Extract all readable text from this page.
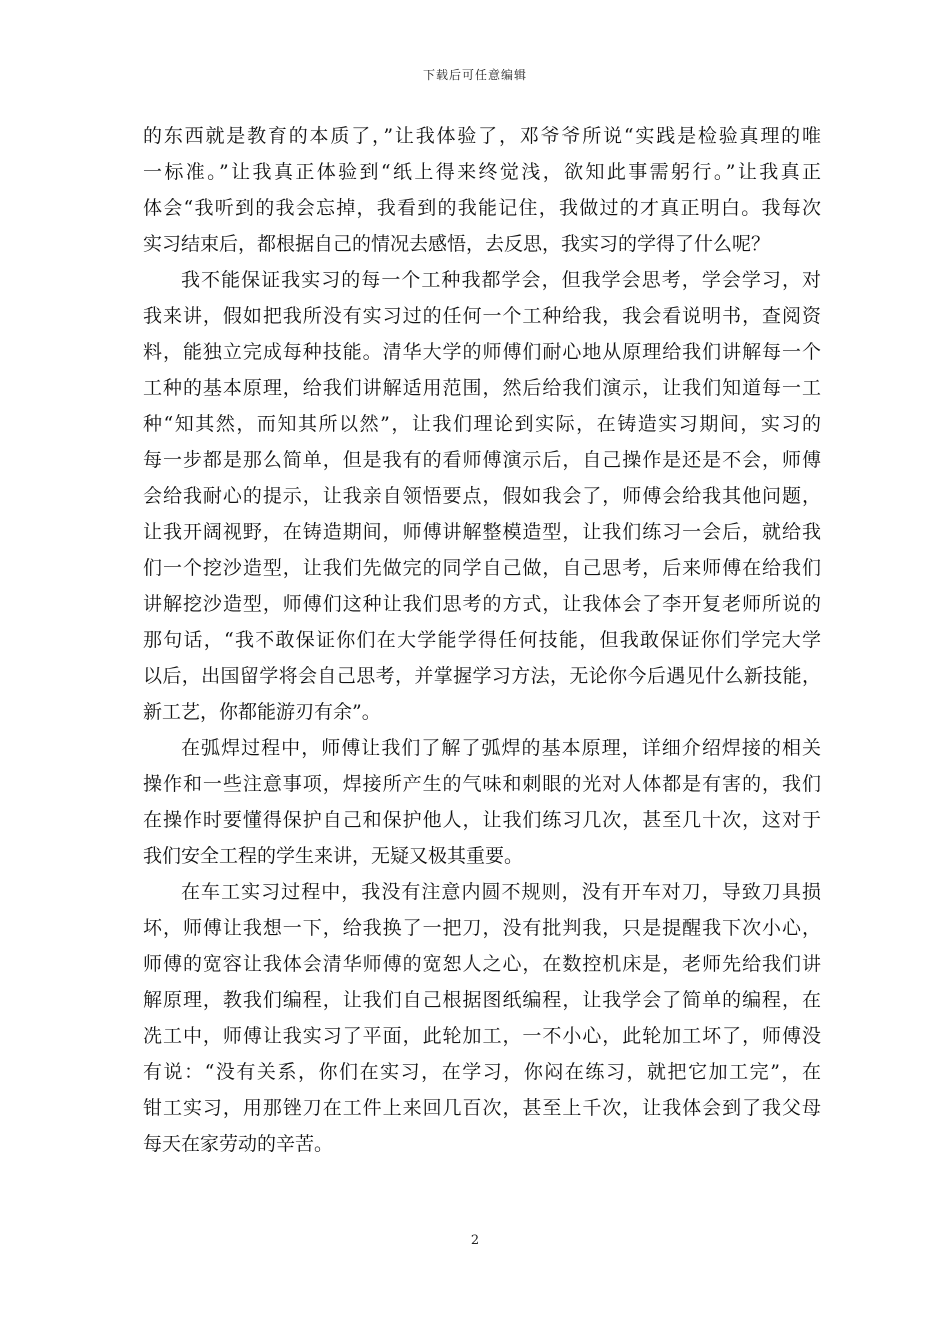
下载后可任意编辑
的东西就是教育的本质了，”让我体验了，邓爷爷所说“实践是检验真理的唯
一标准。”让我真正体验到“纸上得来终觉浅，欲知此事需躬行。”让我真正
体会“我听到的我会忘掉，我看到的我能记住，我做过的才真正明白。我每次
实习结束后，都根据自己的情况去感悟，去反思，我实习的学得了什么呢？
我不能保证我实习的每一个工种我都学会，但我学会思考，学会学习，对
我来讲，假如把我所没有实习过的任何一个工种给我，我会看说明书，查阅资
料，能独立完成每种技能。清华大学的师傅们耐心地从原理给我们讲解每一个
工种的基本原理，给我们讲解适用范围，然后给我们演示，让我们知道每一工
种“知其然，而知其所以然”，让我们理论到实际，在铸造实习期间，实习的
每一步都是那么简单，但是我有的看师傅演示后，自己操作是还是不会，师傅
会给我耐心的提示，让我亲自领悟要点，假如我会了，师傅会给我其他问题，
让我开阔视野，在铸造期间，师傅讲解整模造型，让我们练习一会后，就给我
们一个挖沙造型，让我们先做完的同学自己做，自己思考，后来师傅在给我们
讲解挖沙造型，师傅们这种让我们思考的方式，让我体会了李开复老师所说的
那句话，“我不敢保证你们在大学能学得任何技能，但我敢保证你们学完大学
以后，出国留学将会自己思考，并掌握学习方法，无论你今后遇见什么新技能，
新工艺，你都能游刃有余”。
在弧焊过程中，师傅让我们了解了弧焊的基本原理，详细介绍焊接的相关
操作和一些注意事项，焊接所产生的气味和刺眼的光对人体都是有害的，我们
在操作时要懂得保护自己和保护他人，让我们练习几次，甚至几十次，这对于
我们安全工程的学生来讲，无疑又极其重要。
在车工实习过程中，我没有注意内圆不规则，没有开车对刀，导致刀具损
坏，师傅让我想一下，给我换了一把刀，没有批判我，只是提醒我下次小心，
师傅的宽容让我体会清华师傅的宽恕人之心，在数控机床是，老师先给我们讲
解原理，教我们编程，让我们自己根据图纸编程，让我学会了简单的编程，在
冼工中，师傅让我实习了平面，此轮加工，一不小心，此轮加工坏了，师傅没
有说：“没有关系，你们在实习，在学习，你闷在练习，就把它加工完”，在
钳工实习，用那锉刀在工件上来回几百次，甚至上千次，让我体会到了我父母
每天在家劳动的辛苦。
2
